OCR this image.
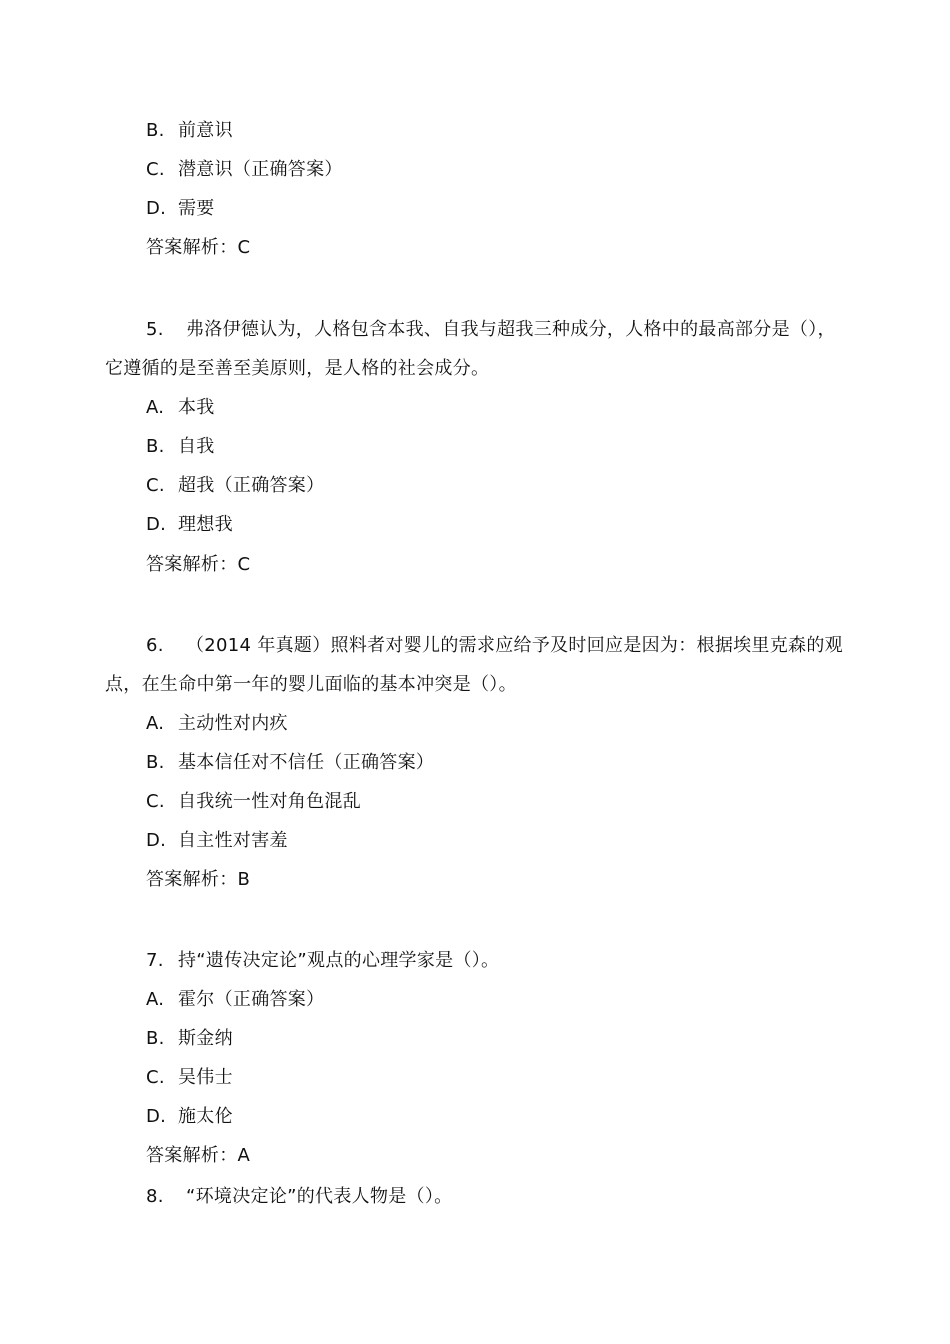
B. 前意识
C. 潜意识（正确答案）
D. 需要
答案解析：C
5. 弗洛伊德认为，人格包含本我、自我与超我三种成分，人格中的最高部分是（），
它遵循的是至善至美原则，是人格的社会成分。
A. 本我
B. 自我
C. 超我（正确答案）
D. 理想我
答案解析：C
6. （2014 年真题）照料者对婴儿的需求应给予及时回应是因为：根据埃里克森的观
点，在生命中第一年的婴儿面临的基本冲突是（）。
A. 主动性对内疚
B. 基本信任对不信任（正确答案）
C. 自我统一性对角色混乱
D. 自主性对害羞
答案解析：B
7. 持“遗传决定论”观点的心理学家是（）。
A. 霍尔（正确答案）
B. 斯金纳
C. 吴伟士
D. 施太伦
答案解析：A
8. “环境决定论”的代表人物是（）。
